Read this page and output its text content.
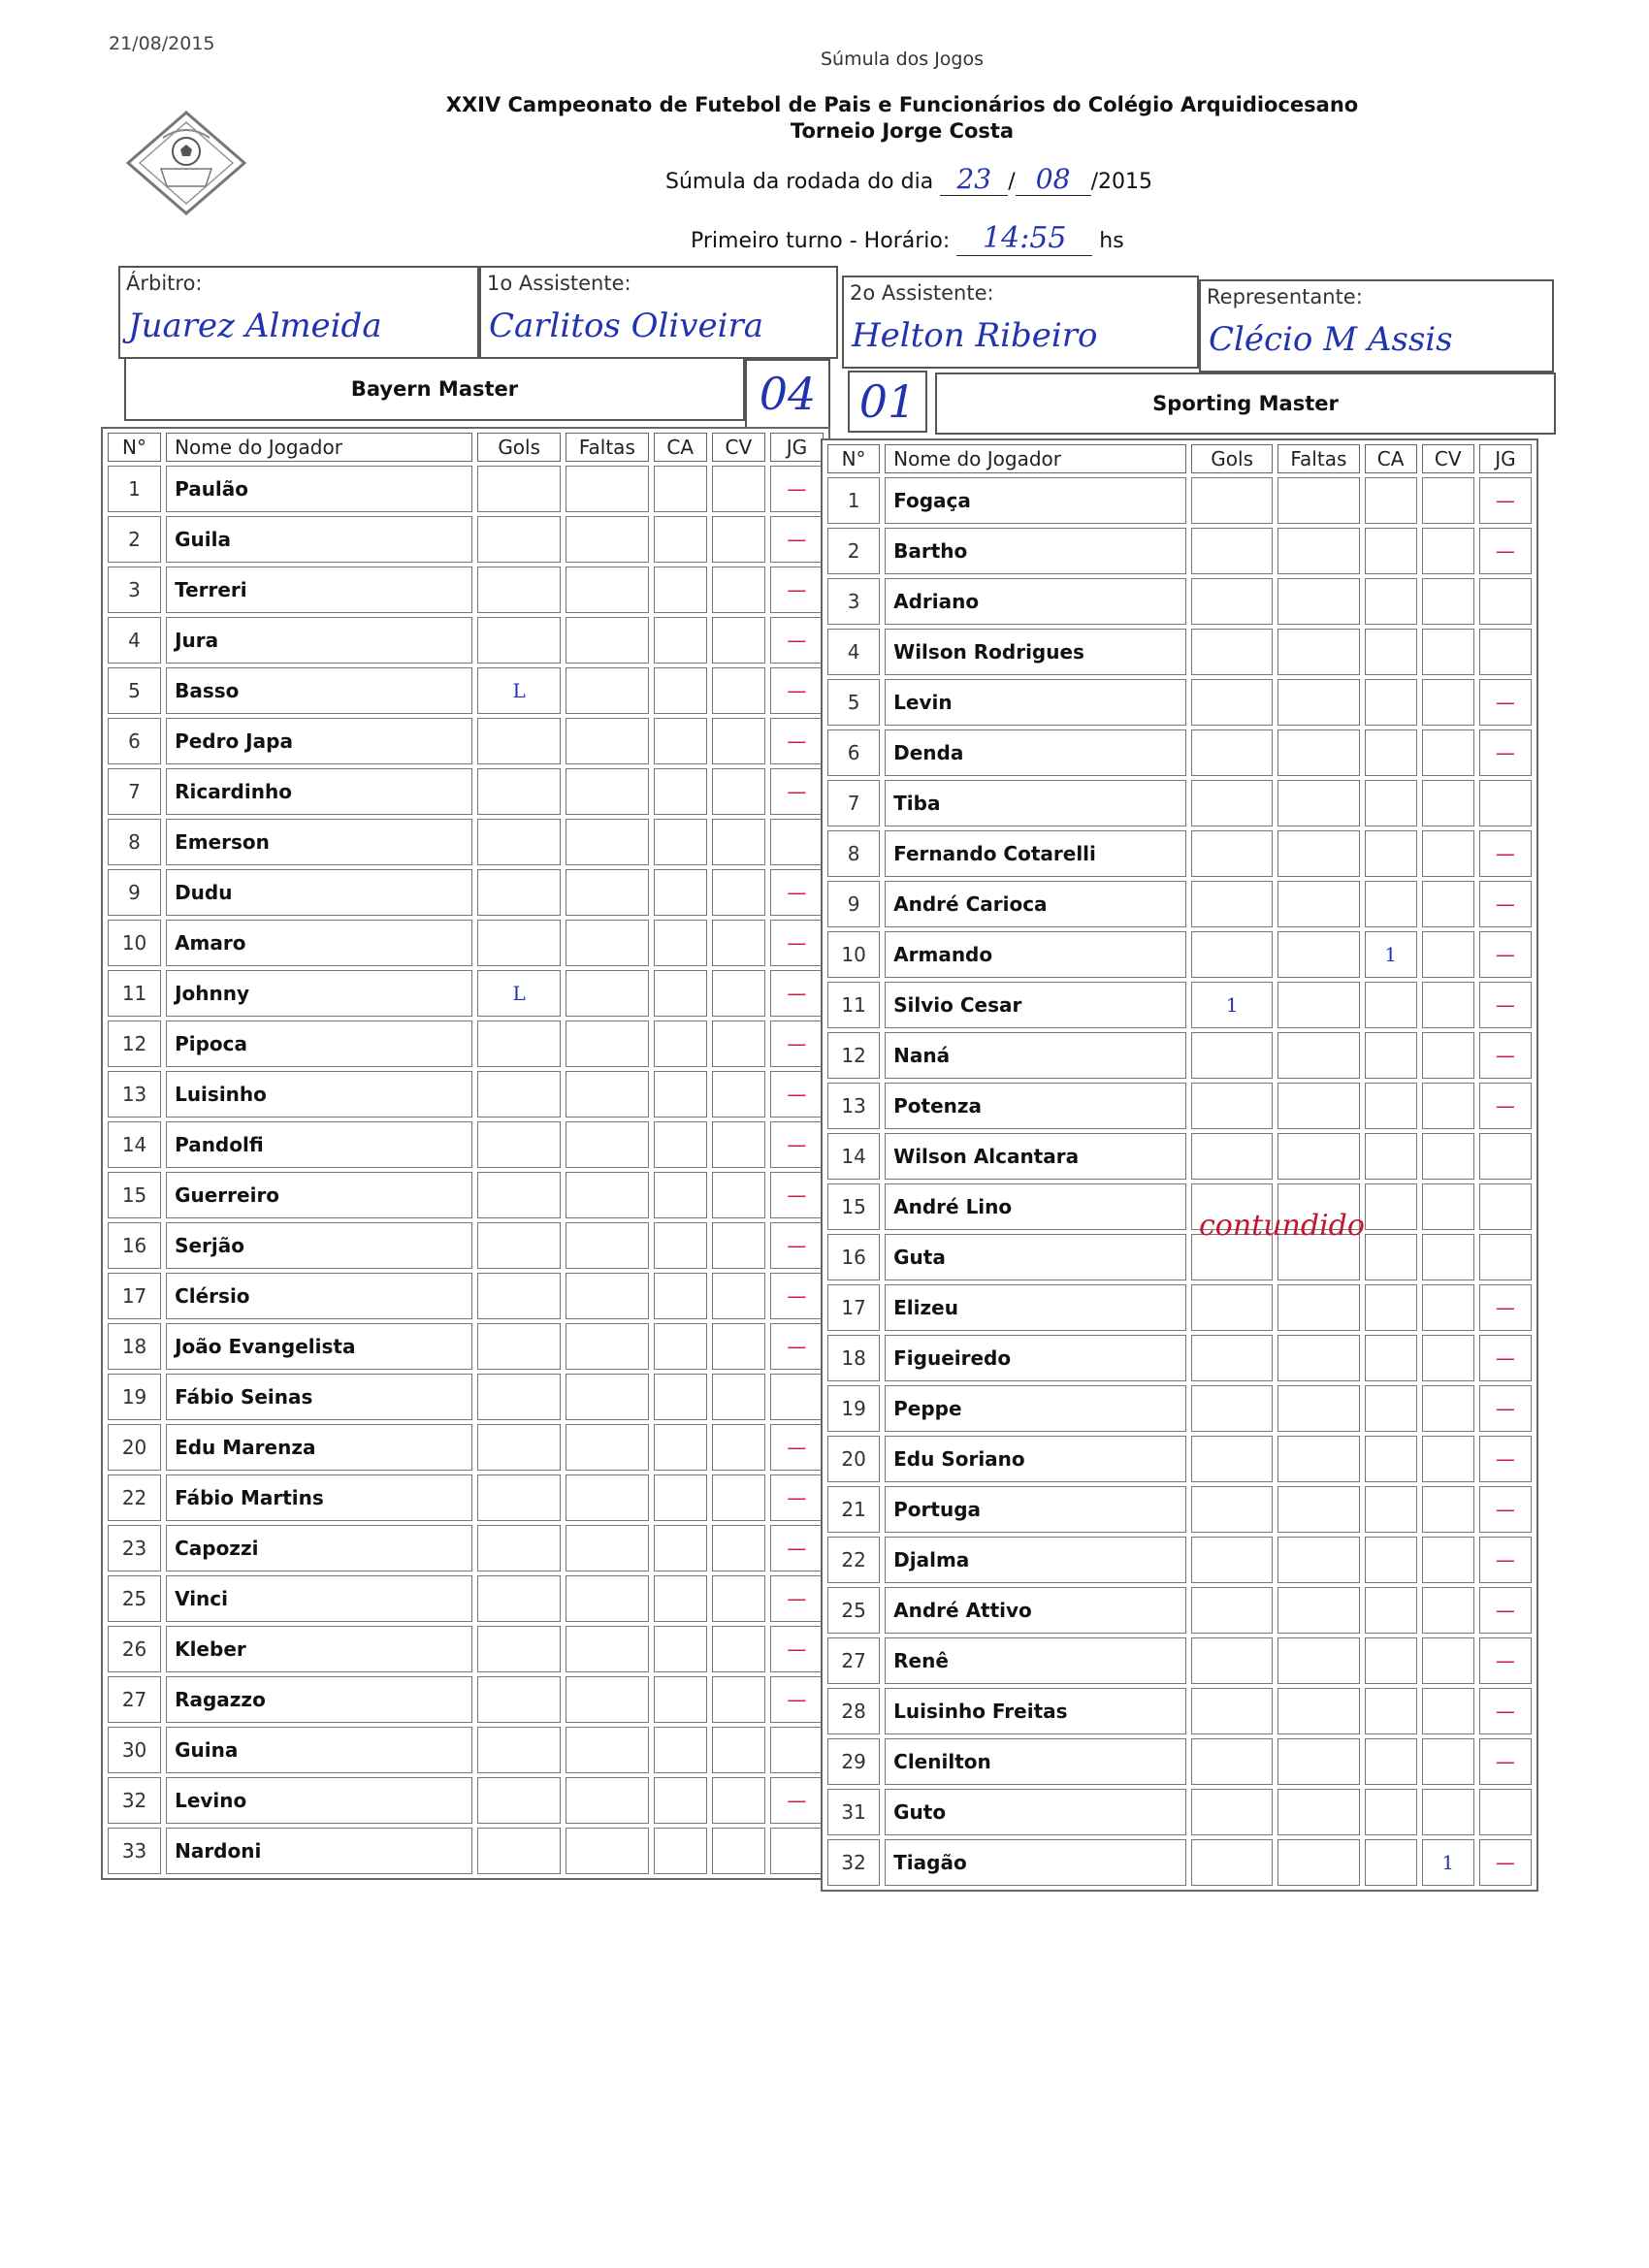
21/08/2015
Súmula dos Jogos
XXIV Campeonato de Futebol de Pais e Funcionários do Colégio Arquidiocesano
Torneio Jorge Costa
Súmula da rodada do dia 23 / 08 /2015
Primeiro turno - Horário: 14:55 hs
Árbitro:
Juarez Almeida
1o Assistente:
Carlitos Oliveira
2o Assistente:
Helton Ribeiro
Representante:
Clécio M Assis
Bayern Master	04 01	Sporting Master
N°	Nome do Jogador	Gols	Faltas	CA	CV	JG
1	Paulão					—
2	Guila					—
3	Terreri					—
4	Jura					—
5	Basso	L				—
6	Pedro Japa					—
7	Ricardinho					—
8	Emerson					
9	Dudu					—
10	Amaro					—
11	Johnny	L				—
12	Pipoca					—
13	Luisinho					—
14	Pandolfi					—
15	Guerreiro					—
16	Serjão					—
17	Clérsio					—
18	João Evangelista					—
19	Fábio Seinas					
20	Edu Marenza					—
22	Fábio Martins					—
23	Capozzi					—
25	Vinci					—
26	Kleber					—
27	Ragazzo					—
30	Guina					
32	Levino					—
33	Nardoni					
N°	Nome do Jogador	Gols	Faltas	CA	CV	JG
1	Fogaça					—
2	Bartho					—
3	Adriano					
4	Wilson Rodrigues					
5	Levin					—
6	Denda					—
7	Tiba					
8	Fernando Cotarelli					—
9	André Carioca					—
10	Armando			1		—
11	Silvio Cesar	1				—
12	Naná					—
13	Potenza					—
14	Wilson Alcantara					
15	André Lino					
16	Guta					
17	Elizeu					—
18	Figueiredo					—
19	Peppe					—
20	Edu Soriano					—
21	Portuga					—
22	Djalma					—
25	André Attivo					—
27	Renê					—
28	Luisinho Freitas					—
29	Clenilton					—
31	Guto					
32	Tiagão				1	—
contundido
